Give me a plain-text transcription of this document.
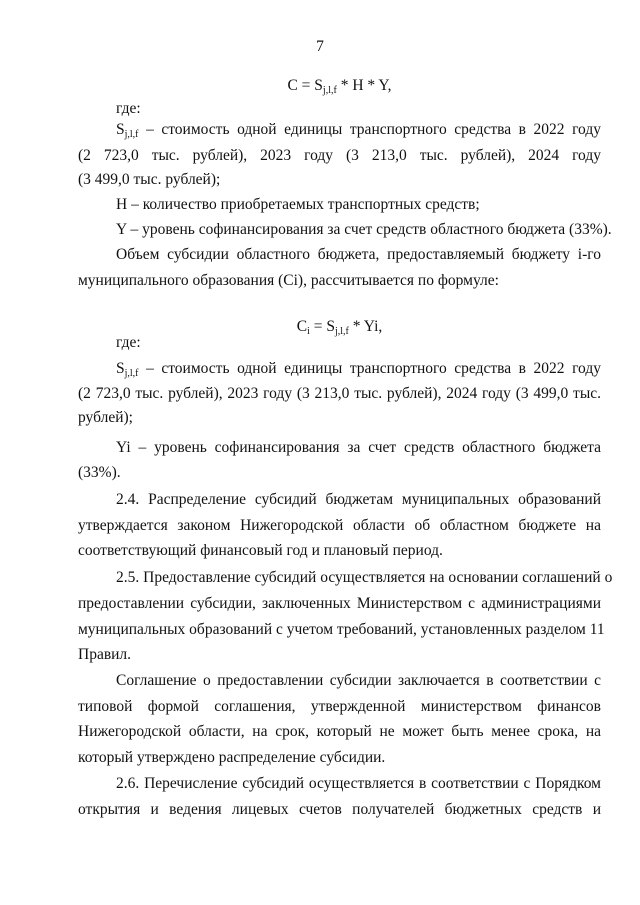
7
$C = S_{j,l,f} * H * Y$,
где:
$S_{j,l,f}$ – стоимость одной единицы транспортного средства в 2022 году
(2 723,0 тыс. рублей), 2023 году (3 213,0 тыс. рублей), 2024 году
(3 499,0 тыс. рублей);
H – количество приобретаемых транспортных средств;
Y – уровень софинансирования за счет средств областного бюджета (33%).
Объем субсидии областного бюджета, предоставляемый бюджету i-го
муниципального образования (Ci), рассчитывается по формуле:
$C_i = S_{j,l,f} * Yi$,
где:
$S_{j,l,f}$ – стоимость одной единицы транспортного средства в 2022 году
(2 723,0 тыс. рублей), 2023 году (3 213,0 тыс. рублей), 2024 году (3 499,0 тыс.
рублей);
Yi – уровень софинансирования за счет средств областного бюджета
(33%).
2.4. Распределение субсидий бюджетам муниципальных образований
утверждается законом Нижегородской области об областном бюджете на
соответствующий финансовый год и плановый период.
2.5. Предоставление субсидий осуществляется на основании соглашений о
предоставлении субсидии, заключенных Министерством с администрациями
муниципальных образований с учетом требований, установленных разделом 11
Правил.
Соглашение о предоставлении субсидии заключается в соответствии с
типовой формой соглашения, утвержденной министерством финансов
Нижегородской области, на срок, который не может быть менее срока, на
который утверждено распределение субсидии.
2.6. Перечисление субсидий осуществляется в соответствии с Порядком
открытия и ведения лицевых счетов получателей бюджетных средств и
